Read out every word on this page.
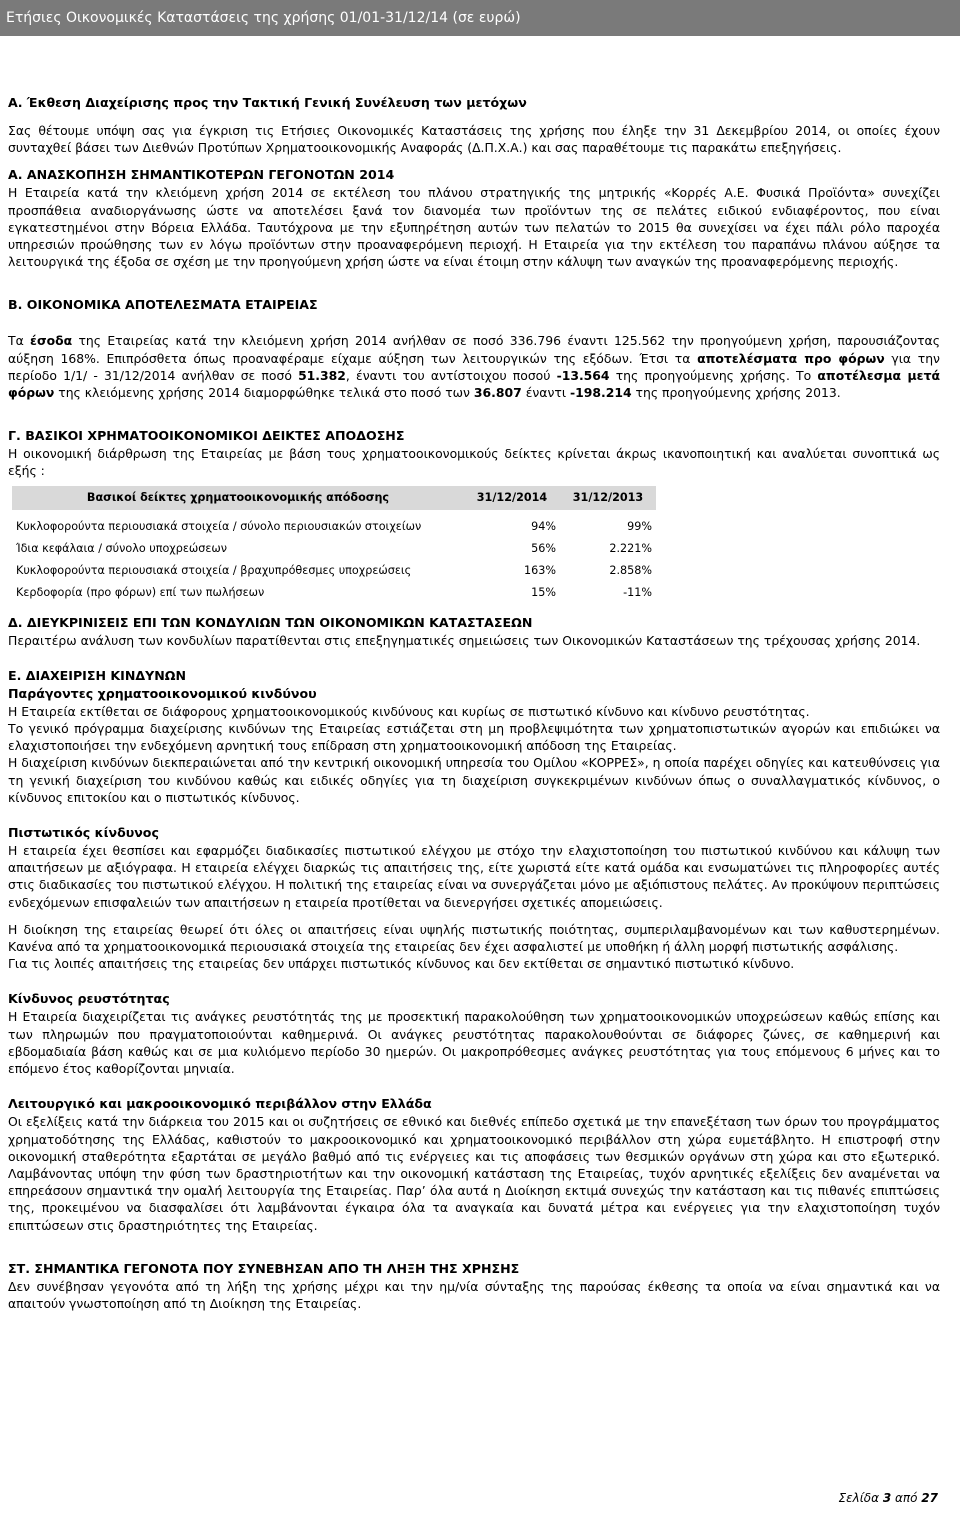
Ετήσιες Οικονομικές Καταστάσεις της χρήσης 01/01-31/12/14 (σε ευρώ)
Α. Έκθεση Διαχείρισης προς την Τακτική Γενική Συνέλευση των μετόχων

Σας θέτουμε υπόψη σας για έγκριση τις Ετήσιες Οικονομικές Καταστάσεις της χρήσης που έληξε την 31 Δεκεμβρίου 2014, οι οποίες έχουν συνταχθεί βάσει των Διεθνών Προτύπων Χρηματοοικονομικής Αναφοράς (Δ.Π.Χ.Α.) και σας παραθέτουμε τις παρακάτω επεξηγήσεις.

Α. ΑΝΑΣΚΟΠΗΣΗ ΣΗΜΑΝΤΙΚΟΤΕΡΩΝ ΓΕΓΟΝΟΤΩΝ 2014

Η Εταιρεία κατά την κλειόμενη χρήση 2014 σε εκτέλεση του πλάνου στρατηγικής της μητρικής «Κορρές Α.Ε. Φυσικά Προϊόντα» συνεχίζει προσπάθεια αναδιοργάνωσης ώστε να αποτελέσει ξανά τον διανομέα των προϊόντων της σε πελάτες ειδικού ενδιαφέροντος, που είναι εγκατεστημένοι στην Βόρεια Ελλάδα. Ταυτόχρονα με την εξυπηρέτηση αυτών των πελατών το 2015 θα συνεχίσει να έχει πάλι ρόλο παροχέα υπηρεσιών προώθησης των εν λόγω προϊόντων στην προαναφερόμενη περιοχή. Η Εταιρεία για την εκτέλεση του παραπάνω πλάνου αύξησε τα λειτουργικά της έξοδα σε σχέση με την προηγούμενη χρήση ώστε να είναι έτοιμη στην κάλυψη των αναγκών της προαναφερόμενης περιοχής.

Β. ΟΙΚΟΝΟΜΙΚΑ ΑΠΟΤΕΛΕΣΜΑΤΑ ΕΤΑΙΡΕΙΑΣ

Τα έσοδα της Εταιρείας κατά την κλειόμενη χρήση 2014 ανήλθαν σε ποσό 336.796 έναντι 125.562 την προηγούμενη χρήση, παρουσιάζοντας αύξηση 168%. Επιπρόσθετα όπως προαναφέραμε είχαμε αύξηση των λειτουργικών της εξόδων. Έτσι τα αποτελέσματα προ φόρων για την περίοδο 1/1/ - 31/12/2014 ανήλθαν σε ποσό 51.382, έναντι του αντίστοιχου ποσού -13.564 της προηγούμενης χρήσης. Το αποτέλεσμα μετά φόρων της κλειόμενης χρήσης 2014 διαμορφώθηκε τελικά στο ποσό των 36.807 έναντι -198.214 της προηγούμενης χρήσης 2013.

Γ. ΒΑΣΙΚΟΙ ΧΡΗΜΑΤΟΟΙΚΟΝΟΜΙΚΟΙ ΔΕΙΚΤΕΣ ΑΠΟΔΟΣΗΣ

Η οικονομική διάρθρωση της Εταιρείας με βάση τους χρηματοοικονομικούς δείκτες κρίνεται άκρως ικανοποιητική και αναλύεται συνοπτικά ως εξής :

Βασικοί δείκτες χρηματοοικονομικής απόδοσης	31/12/2014	31/12/2013

Κυκλοφορούντα περιουσιακά στοιχεία / σύνολο περιουσιακών στοιχείων	94%	99%
Ίδια κεφάλαια / σύνολο υποχρεώσεων	56%	2.221%
Κυκλοφορούντα περιουσιακά στοιχεία / βραχυπρόθεσμες υποχρεώσεις	163%	2.858%
Κερδοφορία (προ φόρων) επί των πωλήσεων	15%	-11%
Δ. ΔΙΕΥΚΡΙΝΙΣΕΙΣ ΕΠΙ ΤΩΝ ΚΟΝΔΥΛΙΩΝ ΤΩΝ ΟΙΚΟΝΟΜΙΚΩΝ ΚΑΤΑΣΤΑΣΕΩΝ

Περαιτέρω ανάλυση των κονδυλίων παρατίθενται στις επεξηγηματικές σημειώσεις των Οικονομικών Καταστάσεων της τρέχουσας χρήσης 2014.

Ε. ΔΙΑΧΕΙΡΙΣΗ ΚΙΝΔΥΝΩΝ
Παράγοντες χρηματοοικονομικού κινδύνου

Η Εταιρεία εκτίθεται σε διάφορους χρηματοοικονομικούς κινδύνους και κυρίως σε πιστωτικό κίνδυνο και κίνδυνο ρευστότητας.

Το γενικό πρόγραμμα διαχείρισης κινδύνων της Εταιρείας εστιάζεται στη μη προβλεψιμότητα των χρηματοπιστωτικών αγορών και επιδιώκει να ελαχιστοποιήσει την ενδεχόμενη αρνητική τους επίδραση στη χρηματοοικονομική απόδοση της Εταιρείας.

Η διαχείριση κινδύνων διεκπεραιώνεται από την κεντρική οικονομική υπηρεσία του Ομίλου «ΚΟΡΡΕΣ», η οποία παρέχει οδηγίες και κατευθύνσεις για τη γενική διαχείριση του κινδύνου καθώς και ειδικές οδηγίες για τη διαχείριση συγκεκριμένων κινδύνων όπως ο συναλλαγματικός κίνδυνος, ο κίνδυνος επιτοκίου και ο πιστωτικός κίνδυνος.

Πιστωτικός κίνδυνος

Η εταιρεία έχει θεσπίσει και εφαρμόζει διαδικασίες πιστωτικού ελέγχου με στόχο την ελαχιστοποίηση του πιστωτικού κινδύνου και κάλυψη των απαιτήσεων με αξιόγραφα. Η εταιρεία ελέγχει διαρκώς τις απαιτήσεις της, είτε χωριστά είτε κατά ομάδα και ενσωματώνει τις πληροφορίες αυτές στις διαδικασίες του πιστωτικού ελέγχου. Η πολιτική της εταιρείας είναι να συνεργάζεται μόνο με αξιόπιστους πελάτες. Αν προκύψουν περιπτώσεις ενδεχόμενων επισφαλειών των απαιτήσεων η εταιρεία προτίθεται να διενεργήσει σχετικές απομειώσεις.

Η διοίκηση της εταιρείας θεωρεί ότι όλες οι απαιτήσεις είναι υψηλής πιστωτικής ποιότητας, συμπεριλαμβανομένων και των καθυστερημένων. Κανένα από τα χρηματοοικονομικά περιουσιακά στοιχεία της εταιρείας δεν έχει ασφαλιστεί με υποθήκη ή άλλη μορφή πιστωτικής ασφάλισης.

Για τις λοιπές απαιτήσεις της εταιρείας δεν υπάρχει πιστωτικός κίνδυνος και δεν εκτίθεται σε σημαντικό πιστωτικό κίνδυνο.

Κίνδυνος ρευστότητας

Η Εταιρεία διαχειρίζεται τις ανάγκες ρευστότητάς της με προσεκτική παρακολούθηση των χρηματοοικονομικών υποχρεώσεων καθώς επίσης και των πληρωμών που πραγματοποιούνται καθημερινά. Οι ανάγκες ρευστότητας παρακολουθούνται σε διάφορες ζώνες, σε καθημερινή και εβδομαδιαία βάση καθώς και σε μια κυλιόμενο περίοδο 30 ημερών. Οι μακροπρόθεσμες ανάγκες ρευστότητας για τους επόμενους 6 μήνες και το επόμενο έτος καθορίζονται μηνιαία.

Λειτουργικό και μακροοικονομικό περιβάλλον στην Ελλάδα

Οι εξελίξεις κατά την διάρκεια του 2015 και οι συζητήσεις σε εθνικό και διεθνές επίπεδο σχετικά με την επανεξέταση των όρων του προγράμματος χρηματοδότησης της Ελλάδας, καθιστούν το μακροοικονομικό και χρηματοοικονομικό περιβάλλον στη χώρα ευμετάβλητο. Η επιστροφή στην οικονομική σταθερότητα εξαρτάται σε μεγάλο βαθμό από τις ενέργειες και τις αποφάσεις των θεσμικών οργάνων στη χώρα και στο εξωτερικό. Λαμβάνοντας υπόψη την φύση των δραστηριοτήτων και την οικονομική κατάσταση της Εταιρείας, τυχόν αρνητικές εξελίξεις δεν αναμένεται να επηρεάσουν σημαντικά την ομαλή λειτουργία της Εταιρείας. Παρ’ όλα αυτά η Διοίκηση εκτιμά συνεχώς την κατάσταση και τις πιθανές επιπτώσεις της, προκειμένου να διασφαλίσει ότι λαμβάνονται έγκαιρα όλα τα αναγκαία και δυνατά μέτρα και ενέργειες για την ελαχιστοποίηση τυχόν επιπτώσεων στις δραστηριότητες της Εταιρείας.

ΣΤ. ΣΗΜΑΝΤΙΚΑ ΓΕΓΟΝΟΤΑ ΠΟΥ ΣΥΝΕΒΗΣΑΝ ΑΠΟ ΤΗ ΛΗΞΗ ΤΗΣ ΧΡΗΣΗΣ

Δεν συνέβησαν γεγονότα από τη λήξη της χρήσης μέχρι και την ημ/νία σύνταξης της παρούσας έκθεσης τα οποία να είναι σημαντικά και να απαιτούν γνωστοποίηση από τη Διοίκηση της Εταιρείας.

Σελίδα 3 από 27
